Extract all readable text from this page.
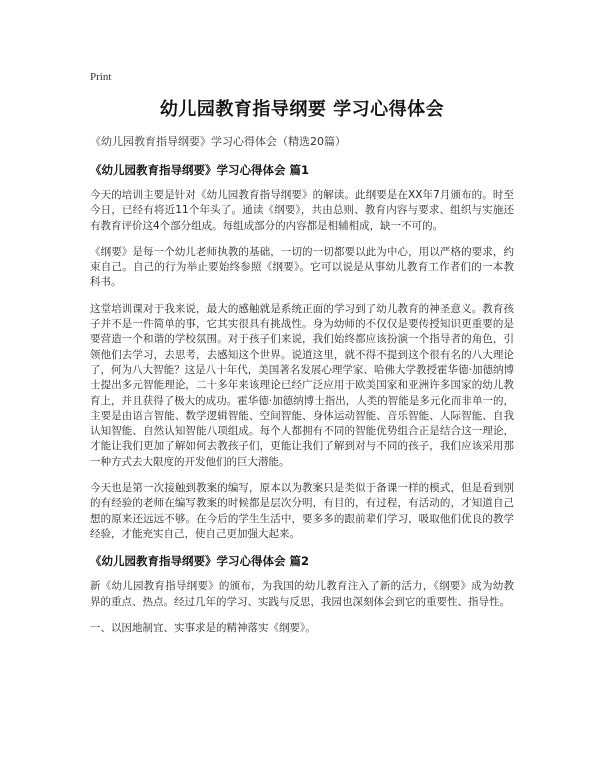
Print
幼儿园教育指导纲要 学习心得体会
《幼儿园教育指导纲要》学习心得体会（精选20篇）
《幼儿园教育指导纲要》学习心得体会 篇1

今天的培训主要是针对《幼儿园教育指导纲要》的解读。此纲要是在XX年7月颁布的。时至今日，已经有将近11个年头了。通读《纲要》，共由总则、教育内容与要求、组织与实施还有教育评价这4个部分组成。每组成部分的内容都是相辅相成，缺一不可的。

《纲要》是每一个幼儿老师执教的基础，一切的一切都要以此为中心，用以严格的要求，约束自己。自己的行为举止要始终参照《纲要》。它可以说是从事幼儿教育工作者们的一本教科书。

这堂培训课对于我来说，最大的感触就是系统正面的学习到了幼儿教育的神圣意义。教育孩子并不是一件简单的事，它其实很具有挑战性。身为幼师的不仅仅是要传授知识更重要的是要营造一个和谐的学校氛围。对于孩子们来说，我们始终都应该扮演一个指导者的角色，引领他们去学习，去思考，去感知这个世界。说道这里，就不得不提到这个很有名的八大理论了，何为八大智能？这是八十年代，美国著名发展心理学家、哈佛大学教授霍华德·加德纳博士提出多元智能理论，二十多年来该理论已经广泛应用于欧美国家和亚洲许多国家的幼儿教育上，并且获得了极大的成功。霍华德·加德纳博士指出，人类的智能是多元化而非单一的，主要是由语言智能、数学逻辑智能、空间智能、身体运动智能、音乐智能、人际智能、自我认知智能、自然认知智能八项组成。每个人都拥有不同的智能优势组合正是结合这一理论，才能让我们更加了解如何去教孩子们，更能让我们了解到对与不同的孩子，我们应该采用那一种方式去大限度的开发他们的巨大潜能。

今天也是第一次接触到教案的编写，原本以为教案只是类似于备课一样的模式，但是看到别的有经验的老师在编写教案的时候都是层次分明，有目的，有过程，有活动的，才知道自己想的原来还远远不够。在今后的学生生活中，要多多的跟前辈们学习，吸取他们优良的教学经验，才能充实自己，使自己更加强大起来。

《幼儿园教育指导纲要》学习心得体会 篇2

新《幼儿园教育指导纲要》的颁布，为我国的幼儿教育注入了新的活力，《纲要》成为幼教界的重点、热点。经过几年的学习、实践与反思，我园也深刻体会到它的重要性、指导性。

一、以因地制宜、实事求是的精神落实《纲要》。
